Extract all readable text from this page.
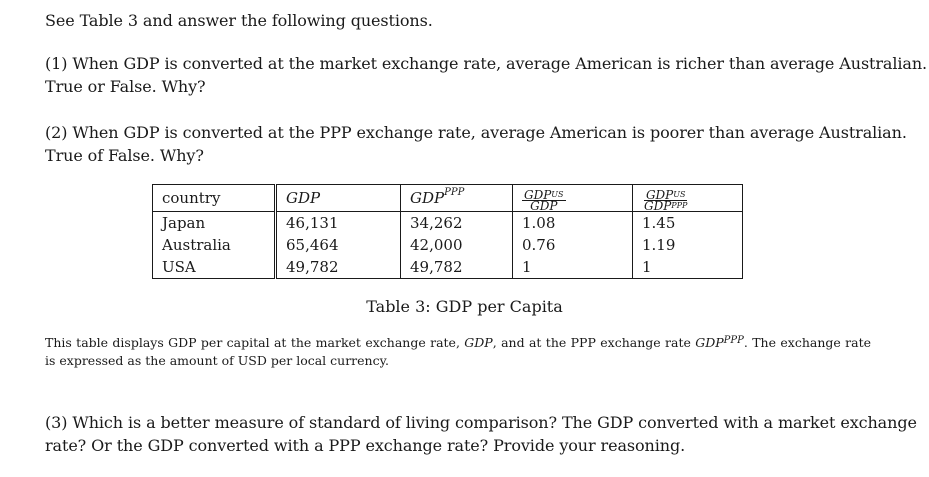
See Table 3 and answer the following questions.

(1) When GDP is converted at the market exchange rate, average American is richer than average Australian.
True or False. Why?

(2) When GDP is converted at the PPP exchange rate, average American is poorer than average Australian.
True of False. Why?

country	GDP	$GDP^{PPP}$	$\frac{GDP^{US}}{\text{GDP}}$	$\frac{GDP^{US}}{GDP^{PPP}}$

Japan	46,131	34,262	1.08	1.45
Australia	65,464	42,000	0.76	1.19
USA	49,782	49,782	1	1
Table 3: GDP per Capita

This table displays GDP per capital at the market exchange rate, GDP, and at the PPP exchange rate $GDP^{PPP}$. The exchange rate is expressed as the amount of USD per local currency.

(3) Which is a better measure of standard of living comparison? The GDP converted with a market exchange
rate? Or the GDP converted with a PPP exchange rate? Provide your reasoning.
